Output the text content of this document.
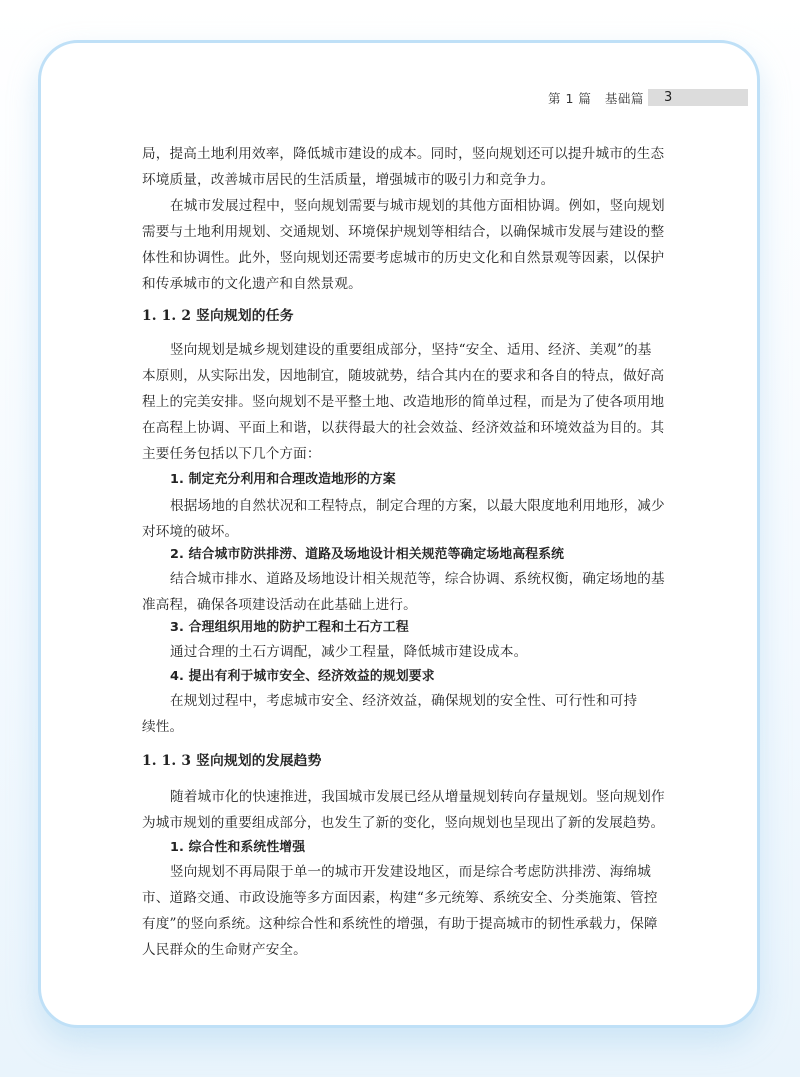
第 1 篇   基础篇 3
局，提高土地利用效率，降低城市建设的成本。同时，竖向规划还可以提升城市的生态
环境质量，改善城市居民的生活质量，增强城市的吸引力和竞争力。
在城市发展过程中，竖向规划需要与城市规划的其他方面相协调。例如，竖向规划
需要与土地利用规划、交通规划、环境保护规划等相结合，以确保城市发展与建设的整
体性和协调性。此外，竖向规划还需要考虑城市的历史文化和自然景观等因素，以保护
和传承城市的文化遗产和自然景观。
1. 1. 2 竖向规划的任务
竖向规划是城乡规划建设的重要组成部分，坚持“安全、适用、经济、美观”的基
本原则，从实际出发，因地制宜，随坡就势，结合其内在的要求和各自的特点，做好高
程上的完美安排。竖向规划不是平整土地、改造地形的简单过程，而是为了使各项用地
在高程上协调、平面上和谐，以获得最大的社会效益、经济效益和环境效益为目的。其
主要任务包括以下几个方面：
1. 制定充分利用和合理改造地形的方案
根据场地的自然状况和工程特点，制定合理的方案，以最大限度地利用地形，减少
对环境的破坏。
2. 结合城市防洪排涝、道路及场地设计相关规范等确定场地高程系统
结合城市排水、道路及场地设计相关规范等，综合协调、系统权衡，确定场地的基
准高程，确保各项建设活动在此基础上进行。
3. 合理组织用地的防护工程和土石方工程
通过合理的土石方调配，减少工程量，降低城市建设成本。
4. 提出有利于城市安全、经济效益的规划要求
在规划过程中，考虑城市安全、经济效益，确保规划的安全性、可行性和可持
续性。
1. 1. 3 竖向规划的发展趋势
随着城市化的快速推进，我国城市发展已经从增量规划转向存量规划。竖向规划作
为城市规划的重要组成部分，也发生了新的变化，竖向规划也呈现出了新的发展趋势。
1. 综合性和系统性增强
竖向规划不再局限于单一的城市开发建设地区，而是综合考虑防洪排涝、海绵城
市、道路交通、市政设施等多方面因素，构建“多元统筹、系统安全、分类施策、管控
有度”的竖向系统。这种综合性和系统性的增强，有助于提高城市的韧性承载力，保障
人民群众的生命财产安全。
